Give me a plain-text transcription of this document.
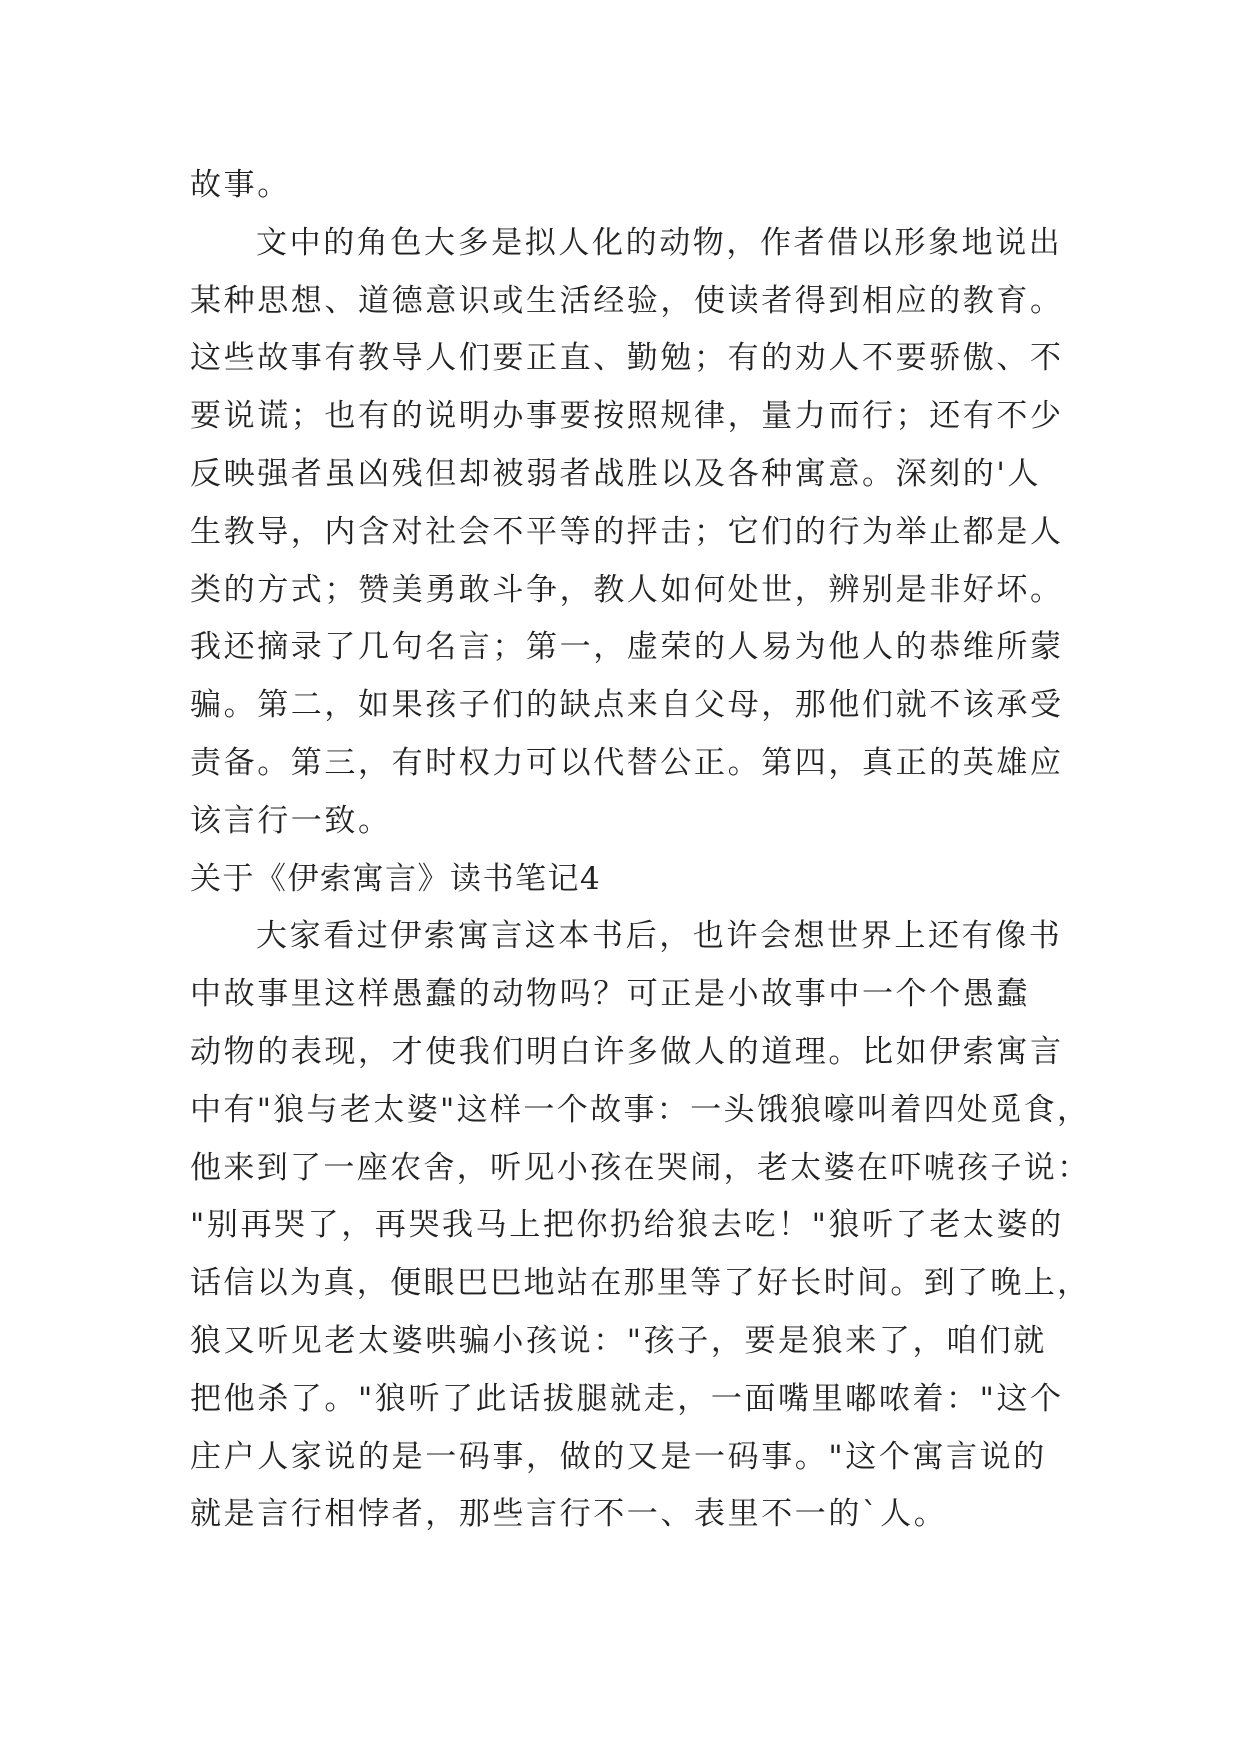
故事。
文中的角色大多是拟人化的动物，作者借以形象地说出
某种思想、道德意识或生活经验，使读者得到相应的教育。
这些故事有教导人们要正直、勤勉；有的劝人不要骄傲、不
要说谎；也有的说明办事要按照规律，量力而行；还有不少
反映强者虽凶残但却被弱者战胜以及各种寓意。深刻的'人
生教导，内含对社会不平等的抨击；它们的行为举止都是人
类的方式；赞美勇敢斗争，教人如何处世，辨别是非好坏。
我还摘录了几句名言；第一，虚荣的人易为他人的恭维所蒙
骗。第二，如果孩子们的缺点来自父母，那他们就不该承受
责备。第三，有时权力可以代替公正。第四，真正的英雄应
该言行一致。
关于《伊索寓言》读书笔记4
大家看过伊索寓言这本书后，也许会想世界上还有像书
中故事里这样愚蠢的动物吗？可正是小故事中一个个愚蠢
动物的表现，才使我们明白许多做人的道理。比如伊索寓言
中有"狼与老太婆"这样一个故事：一头饿狼嚎叫着四处觅食，
他来到了一座农舍，听见小孩在哭闹，老太婆在吓唬孩子说：
"别再哭了，再哭我马上把你扔给狼去吃！"狼听了老太婆的
话信以为真，便眼巴巴地站在那里等了好长时间。到了晚上，
狼又听见老太婆哄骗小孩说："孩子，要是狼来了，咱们就
把他杀了。"狼听了此话拔腿就走，一面嘴里嘟哝着："这个
庄户人家说的是一码事，做的又是一码事。"这个寓言说的
就是言行相悖者，那些言行不一、表里不一的`人。
